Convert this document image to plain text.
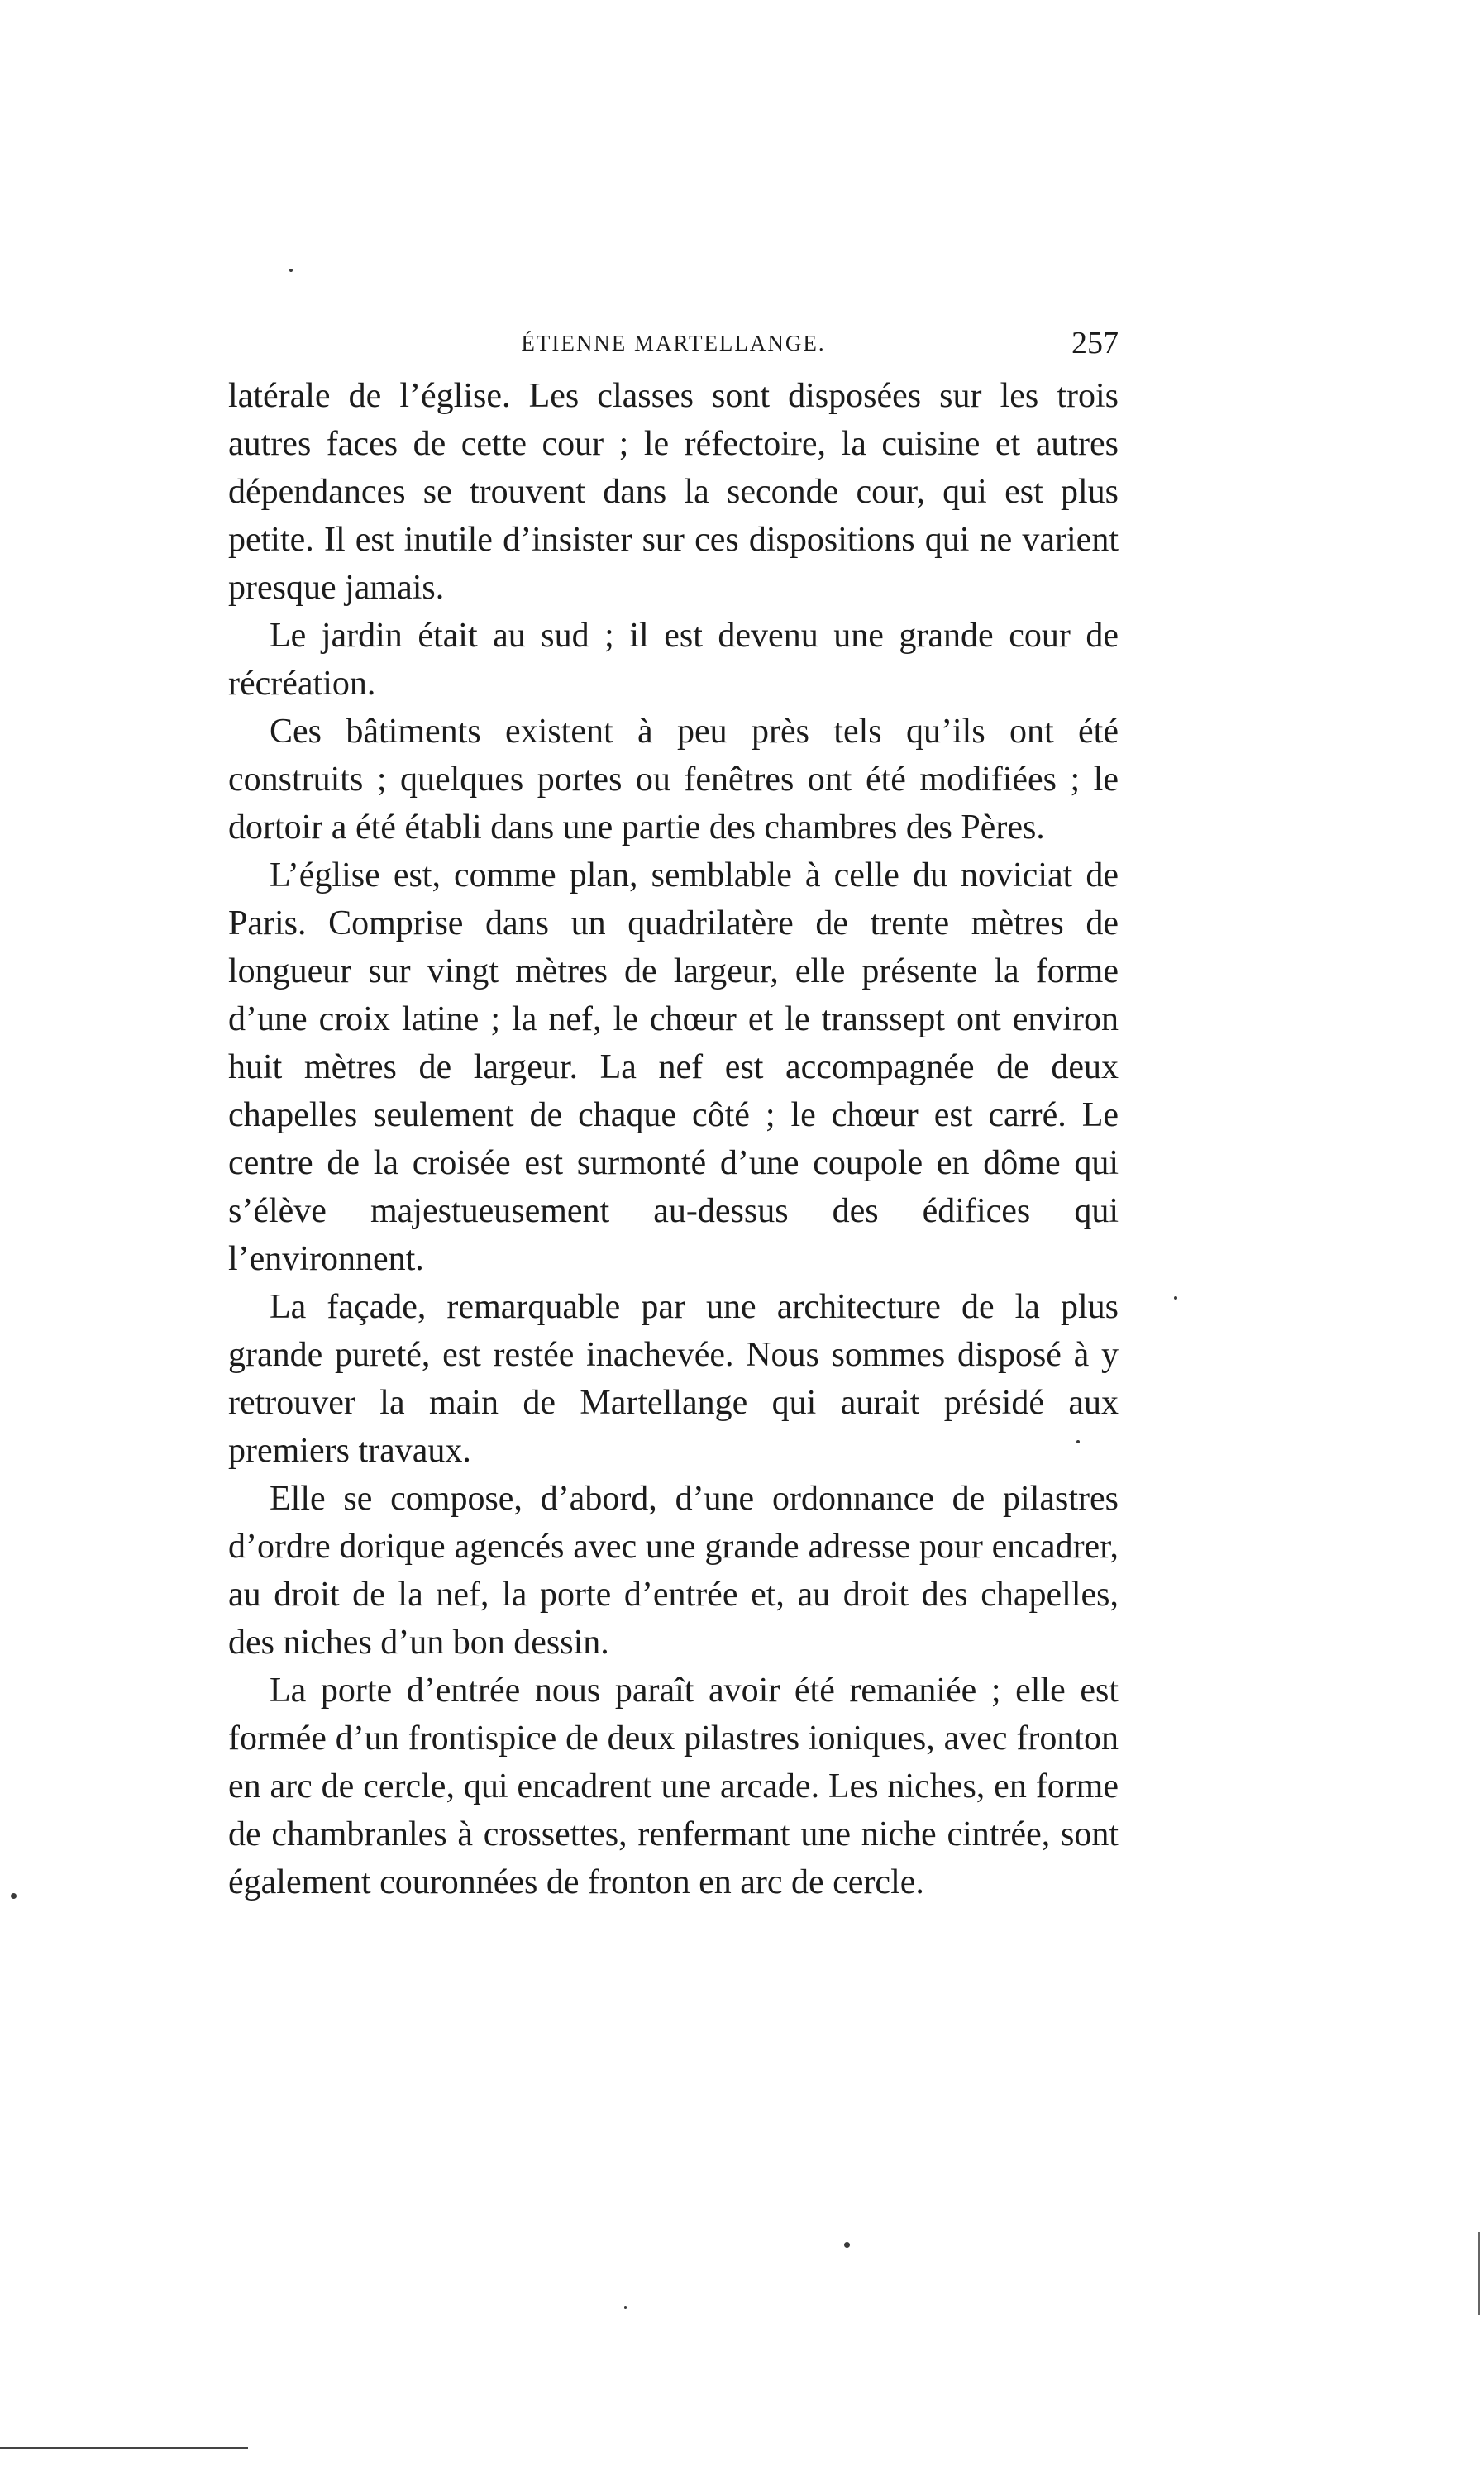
ÉTIENNE MARTELLANGE.	257

latérale de l’église. Les classes sont disposées sur les trois autres faces de cette cour ; le réfectoire, la cuisine et autres dépendances se trouvent dans la seconde cour, qui est plus petite. Il est inutile d’insister sur ces dispositions qui ne varient presque jamais.

Le jardin était au sud ; il est devenu une grande cour de récréation.

Ces bâtiments existent à peu près tels qu’ils ont été construits ; quelques portes ou fenêtres ont été modifiées ; le dortoir a été établi dans une partie des chambres des Pères.

L’église est, comme plan, semblable à celle du noviciat de Paris. Comprise dans un quadrilatère de trente mètres de longueur sur vingt mètres de largeur, elle présente la forme d’une croix latine ; la nef, le chœur et le transsept ont environ huit mètres de largeur. La nef est accompagnée de deux chapelles seulement de chaque côté ; le chœur est carré. Le centre de la croisée est surmonté d’une coupole en dôme qui s’élève majestueusement au-dessus des édifices qui l’environnent.

La façade, remarquable par une architecture de la plus grande pureté, est restée inachevée. Nous sommes disposé à y retrouver la main de Martellange qui aurait présidé aux premiers travaux.

Elle se compose, d’abord, d’une ordonnance de pilastres d’ordre dorique agencés avec une grande adresse pour encadrer, au droit de la nef, la porte d’entrée et, au droit des chapelles, des niches d’un bon dessin.

La porte d’entrée nous paraît avoir été remaniée ; elle est formée d’un frontispice de deux pilastres ioniques, avec fronton en arc de cercle, qui encadrent une arcade. Les niches, en forme de chambranles à crossettes, renfermant une niche cintrée, sont également couronnées de fronton en arc de cercle.
